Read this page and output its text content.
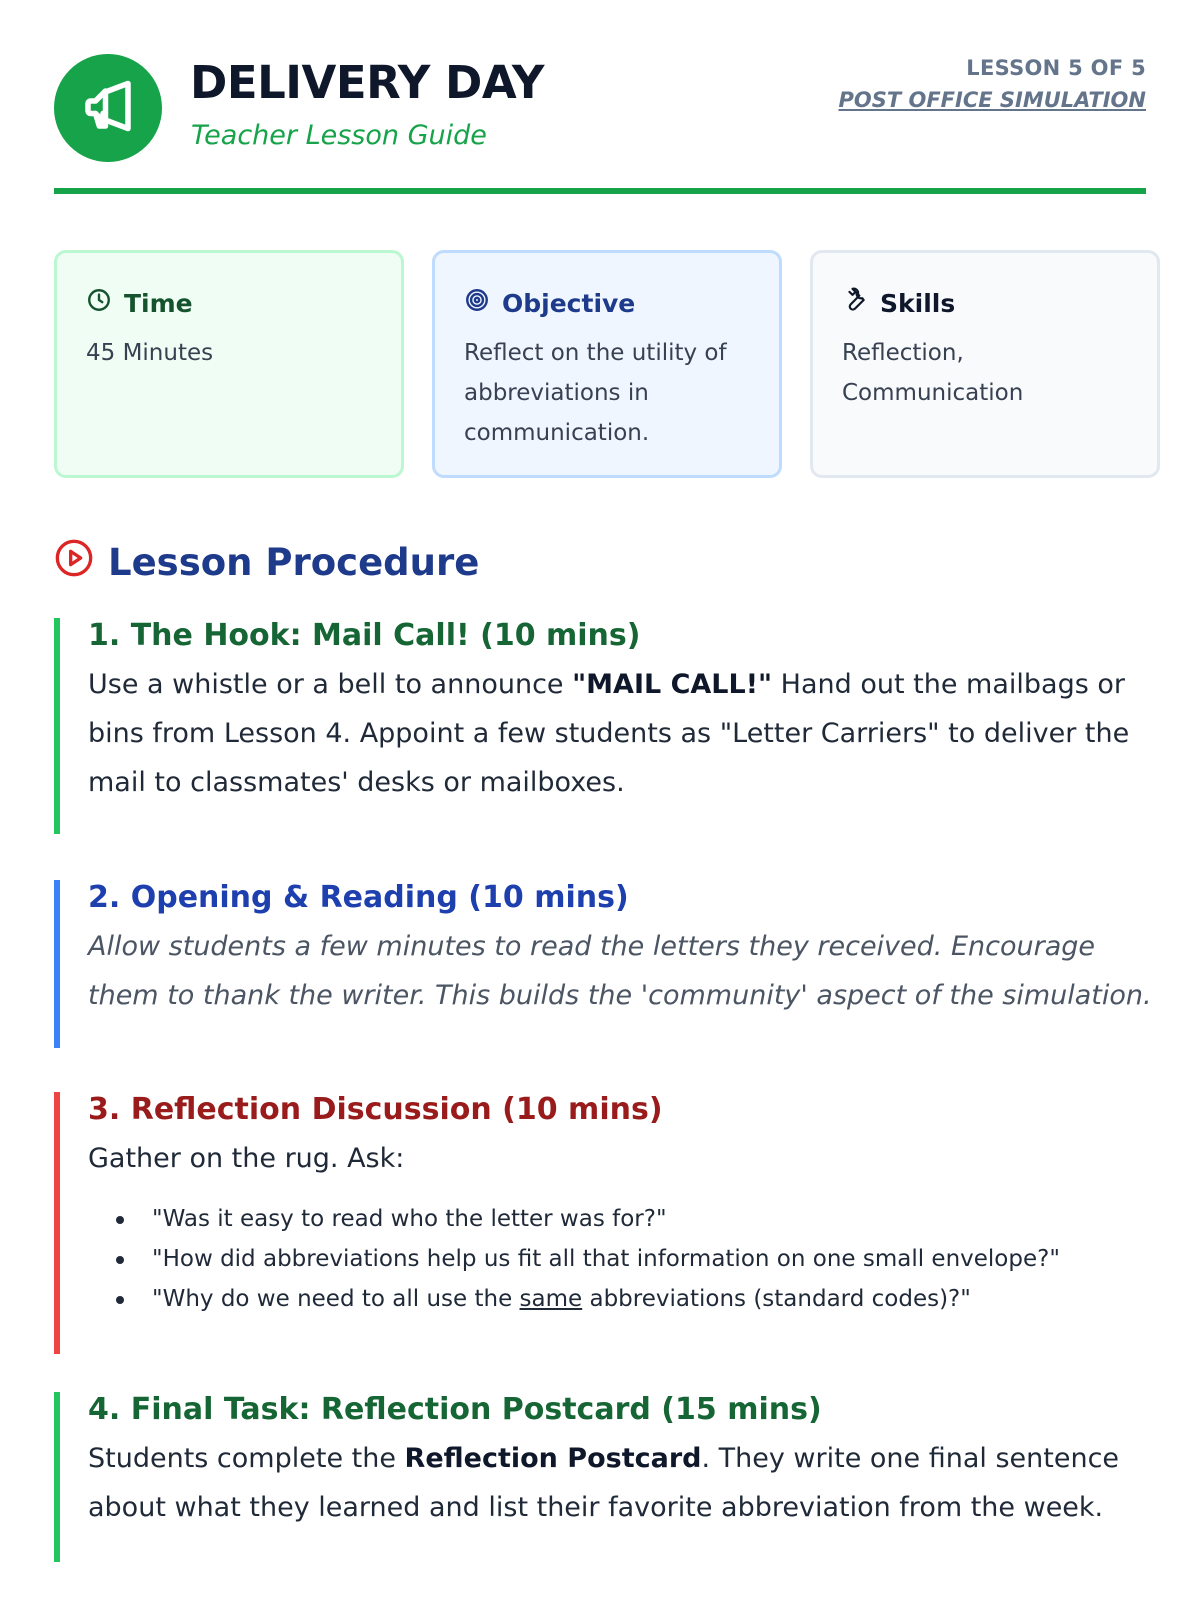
DELIVERY DAY
Teacher Lesson Guide
LESSON 5 OF 5
POST OFFICE SIMULATION
Time
45 Minutes
Objective
Reflect on the utility of abbreviations in communication.
Skills
Reflection, Communication
Lesson Procedure
1. The Hook: Mail Call! (10 mins)
Use a whistle or a bell to announce "MAIL CALL!" Hand out the mailbags or bins from Lesson 4. Appoint a few students as "Letter Carriers" to deliver the mail to classmates' desks or mailboxes.
2. Opening & Reading (10 mins)
Allow students a few minutes to read the letters they received. Encourage them to thank the writer. This builds the 'community' aspect of the simulation.
3. Reflection Discussion (10 mins)
Gather on the rug. Ask:
"Was it easy to read who the letter was for?"
"How did abbreviations help us fit all that information on one small envelope?"
"Why do we need to all use the same abbreviations (standard codes)?"
4. Final Task: Reflection Postcard (15 mins)
Students complete the Reflection Postcard. They write one final sentence about what they learned and list their favorite abbreviation from the week.
